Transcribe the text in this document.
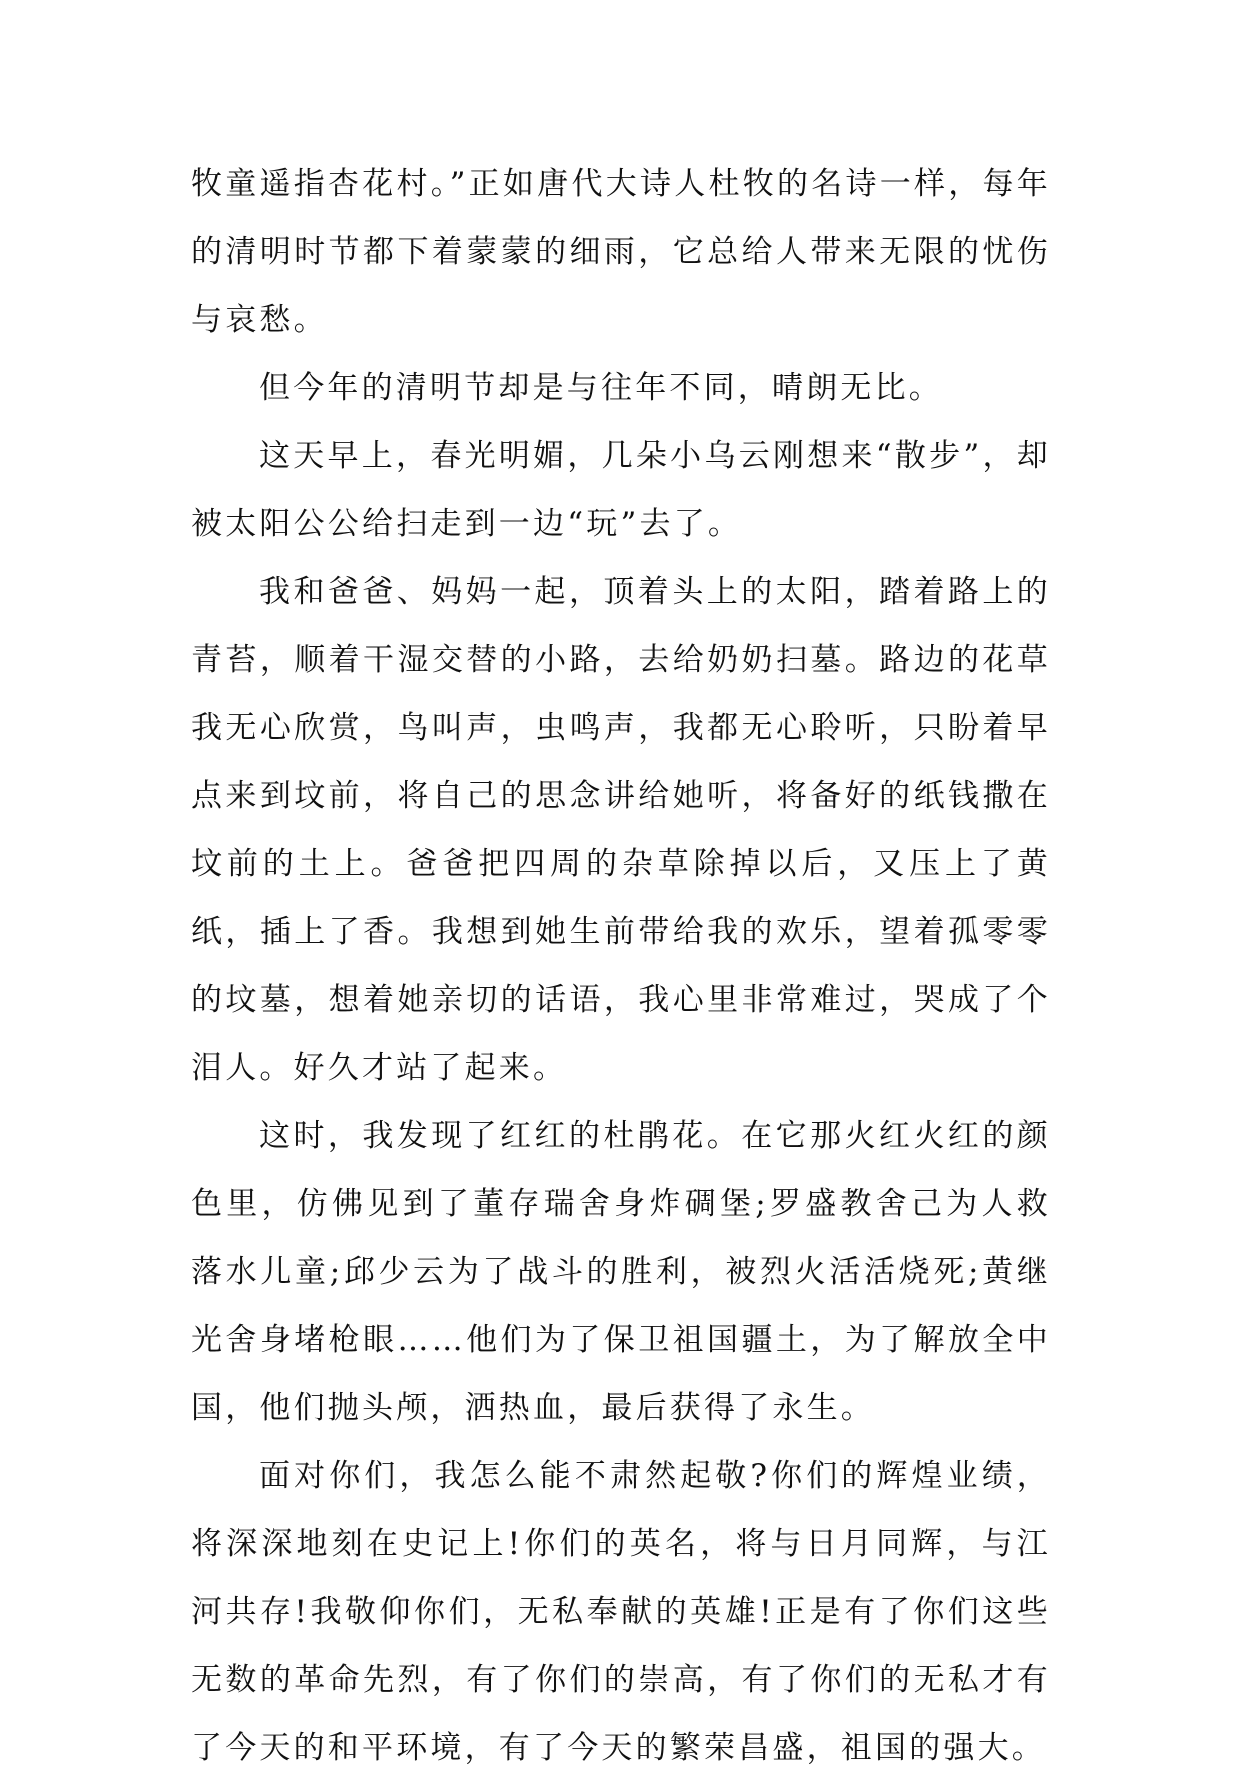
牧童遥指杏花村。”正如唐代大诗人杜牧的名诗一样，每年的清明时节都下着蒙蒙的细雨，它总给人带来无限的忧伤与哀愁。

但今年的清明节却是与往年不同，晴朗无比。

这天早上，春光明媚，几朵小乌云刚想来“散步”，却被太阳公公给扫走到一边“玩”去了。

我和爸爸、妈妈一起，顶着头上的太阳，踏着路上的青苔，顺着干湿交替的小路，去给奶奶扫墓。路边的花草我无心欣赏，鸟叫声，虫鸣声，我都无心聆听，只盼着早点来到坟前，将自己的思念讲给她听，将备好的纸钱撒在坟前的土上。爸爸把四周的杂草除掉以后，又压上了黄纸，插上了香。我想到她生前带给我的欢乐，望着孤零零的坟墓，想着她亲切的话语，我心里非常难过，哭成了个泪人。好久才站了起来。

这时，我发现了红红的杜鹃花。在它那火红火红的颜色里，仿佛见到了董存瑞舍身炸碉堡;罗盛教舍己为人救落水儿童;邱少云为了战斗的胜利，被烈火活活烧死;黄继光舍身堵枪眼……他们为了保卫祖国疆土，为了解放全中国，他们抛头颅，洒热血，最后获得了永生。

面对你们，我怎么能不肃然起敬?你们的辉煌业绩，将深深地刻在史记上!你们的英名，将与日月同辉，与江河共存!我敬仰你们，无私奉献的英雄!正是有了你们这些无数的革命先烈，有了你们的崇高，有了你们的无私才有了今天的和平环境，有了今天的繁荣昌盛，祖国的强大。
